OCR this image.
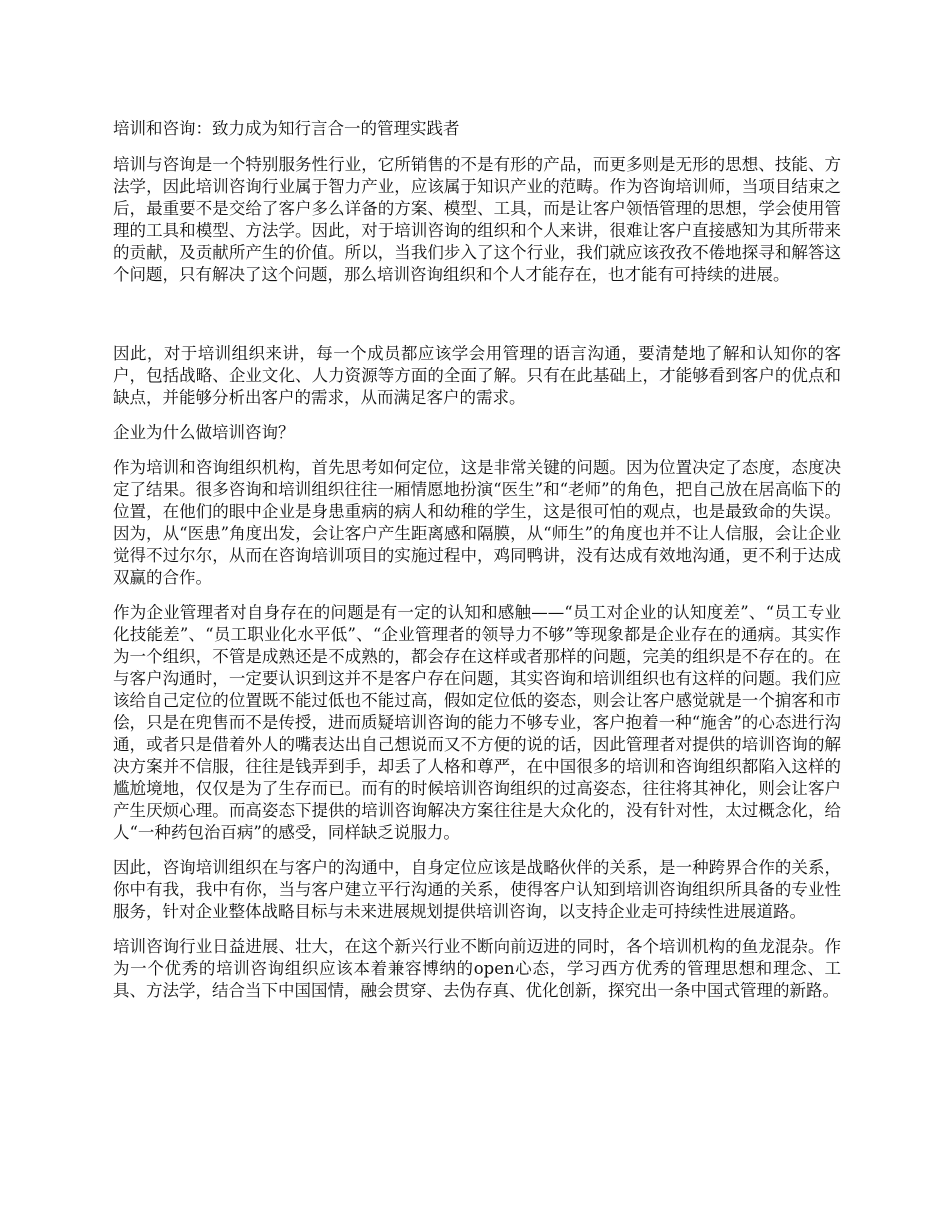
培训和咨询：致力成为知行言合一的管理实践者

培训与咨询是一个特别服务性行业，它所销售的不是有形的产品，而更多则是无形的思想、技能、方法学，因此培训咨询行业属于智力产业，应该属于知识产业的范畴。作为咨询培训师，当项目结束之后，最重要不是交给了客户多么详备的方案、模型、工具，而是让客户领悟管理的思想，学会使用管理的工具和模型、方法学。因此，对于培训咨询的组织和个人来讲，很难让客户直接感知为其所带来的贡献，及贡献所产生的价值。所以，当我们步入了这个行业，我们就应该孜孜不倦地探寻和解答这个问题，只有解决了这个问题，那么培训咨询组织和个人才能存在，也才能有可持续的进展。

因此，对于培训组织来讲，每一个成员都应该学会用管理的语言沟通，要清楚地了解和认知你的客户，包括战略、企业文化、人力资源等方面的全面了解。只有在此基础上，才能够看到客户的优点和缺点，并能够分析出客户的需求，从而满足客户的需求。

企业为什么做培训咨询？

作为培训和咨询组织机构，首先思考如何定位，这是非常关键的问题。因为位置决定了态度，态度决定了结果。很多咨询和培训组织往往一厢情愿地扮演“医生”和“老师”的角色，把自己放在居高临下的位置，在他们的眼中企业是身患重病的病人和幼稚的学生，这是很可怕的观点，也是最致命的失误。因为，从“医患”角度出发，会让客户产生距离感和隔膜，从“师生”的角度也并不让人信服，会让企业觉得不过尔尔，从而在咨询培训项目的实施过程中，鸡同鸭讲，没有达成有效地沟通，更不利于达成双赢的合作。

作为企业管理者对自身存在的问题是有一定的认知和感触——“员工对企业的认知度差”、“员工专业化技能差”、“员工职业化水平低”、“企业管理者的领导力不够”等现象都是企业存在的通病。其实作为一个组织，不管是成熟还是不成熟的，都会存在这样或者那样的问题，完美的组织是不存在的。在与客户沟通时，一定要认识到这并不是客户存在问题，其实咨询和培训组织也有这样的问题。我们应该给自己定位的位置既不能过低也不能过高，假如定位低的姿态，则会让客户感觉就是一个掮客和市侩，只是在兜售而不是传授，进而质疑培训咨询的能力不够专业，客户抱着一种“施舍”的心态进行沟通，或者只是借着外人的嘴表达出自己想说而又不方便的说的话，因此管理者对提供的培训咨询的解决方案并不信服，往往是钱弄到手，却丢了人格和尊严，在中国很多的培训和咨询组织都陷入这样的尴尬境地，仅仅是为了生存而已。而有的时候培训咨询组织的过高姿态，往往将其神化，则会让客户产生厌烦心理。而高姿态下提供的培训咨询解决方案往往是大众化的，没有针对性，太过概念化，给人“一种药包治百病”的感受，同样缺乏说服力。

因此，咨询培训组织在与客户的沟通中，自身定位应该是战略伙伴的关系，是一种跨界合作的关系，你中有我，我中有你，当与客户建立平行沟通的关系，使得客户认知到培训咨询组织所具备的专业性服务，针对企业整体战略目标与未来进展规划提供培训咨询，以支持企业走可持续性进展道路。

培训咨询行业日益进展、壮大，在这个新兴行业不断向前迈进的同时，各个培训机构的鱼龙混杂。作为一个优秀的培训咨询组织应该本着兼容博纳的open心态，学习西方优秀的管理思想和理念、工具、方法学，结合当下中国国情，融会贯穿、去伪存真、优化创新，探究出一条中国式管理的新路。
